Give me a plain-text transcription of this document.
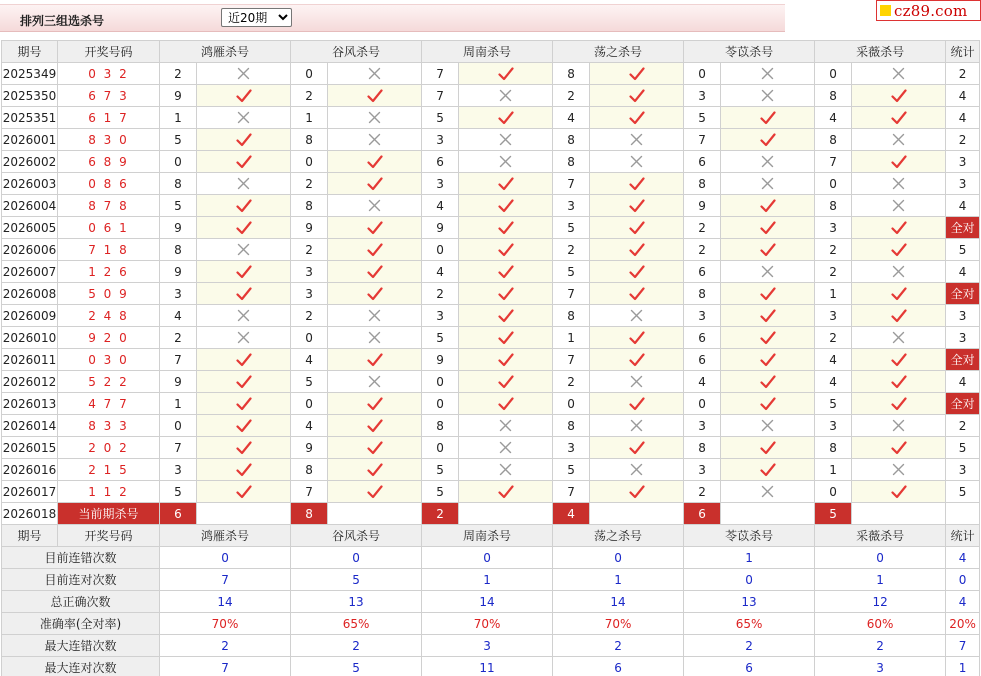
排列三组选杀号
近20期
cz89.com
期号	开奖号码	鸿雁杀号		谷风杀号		周南杀号		荡之杀号		苓苡杀号		采薇杀号		统计
2025349	0 3 2	2		0		7		8		0		0		2
2025350	6 7 3	9		2		7		2		3		8		4
2025351	6 1 7	1		1		5		4		5		4		4
2026001	8 3 0	5		8		3		8		7		8		2
2026002	6 8 9	0		0		6		8		6		7		3
2026003	0 8 6	8		2		3		7		8		0		3
2026004	8 7 8	5		8		4		3		9		8		4
2026005	0 6 1	9		9		9		5		2		3		全对
2026006	7 1 8	8		2		0		2		2		2		5
2026007	1 2 6	9		3		4		5		6		2		4
2026008	5 0 9	3		3		2		7		8		1		全对
2026009	2 4 8	4		2		3		8		3		3		3
2026010	9 2 0	2		0		5		1		6		2		3
2026011	0 3 0	7		4		9		7		6		4		全对
2026012	5 2 2	9		5		0		2		4		4		4
2026013	4 7 7	1		0		0		0		0		5		全对
2026014	8 3 3	0		4		8		8		3		3		2
2026015	2 0 2	7		9		0		3		8		8		5
2026016	2 1 5	3		8		5		5		3		1		3
2026017	1 1 2	5		7		5		7		2		0		5
2026018	当前期杀号	6		8		2		4		6		5		
期号	开奖号码	鸿雁杀号		谷风杀号		周南杀号		荡之杀号		苓苡杀号		采薇杀号		统计
目前连错次数		0		0		0		0		1		0		4
目前连对次数		7		5		1		1		0		1		0
总正确次数		14		13		14		14		13		12		4
准确率(全对率)		70%		65%		70%		70%		65%		60%		20%
最大连错次数		2		2		3		2		2		2		7
最大连对次数		7		5		11		6		6		3		1
